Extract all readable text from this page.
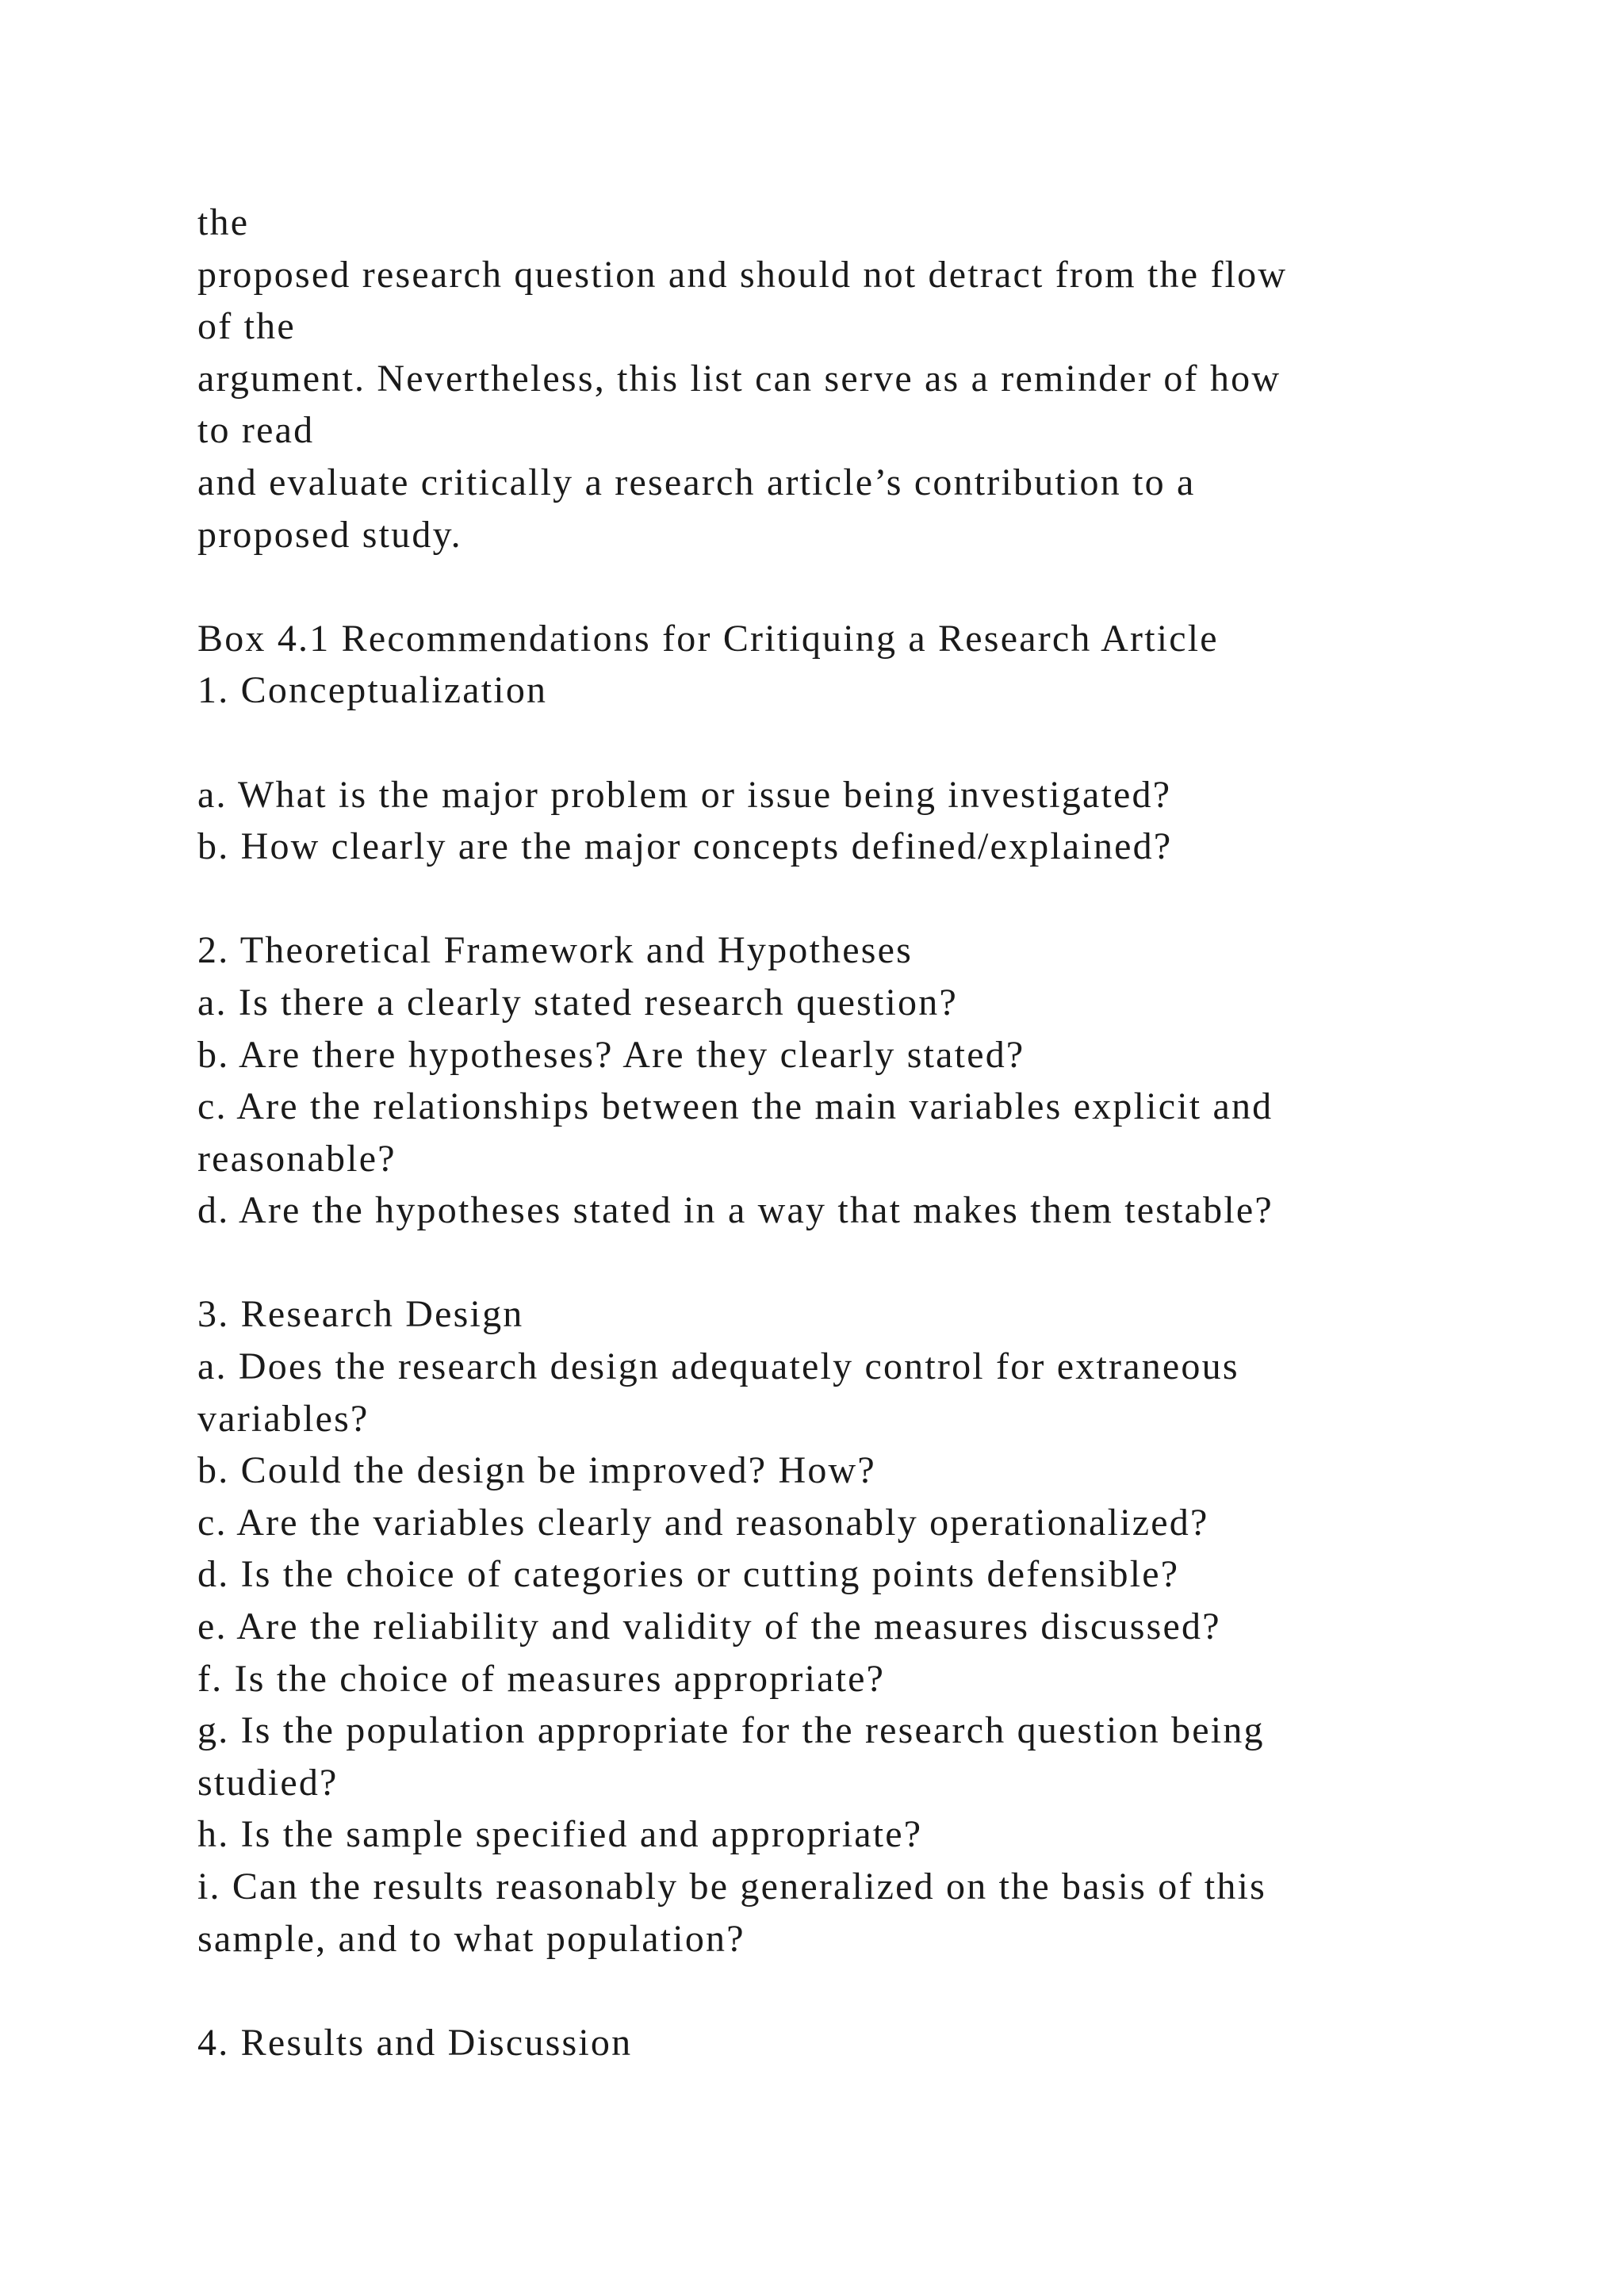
the
proposed research question and should not detract from the flow
of the
argument. Nevertheless, this list can serve as a reminder of how
to read
and evaluate critically a research article’s contribution to a
proposed study.
Box 4.1 Recommendations for Critiquing a Research Article
1. Conceptualization
a. What is the major problem or issue being investigated?
b. How clearly are the major concepts defined/explained?
2. Theoretical Framework and Hypotheses
a. Is there a clearly stated research question?
b. Are there hypotheses? Are they clearly stated?
c. Are the relationships between the main variables explicit and
reasonable?
d. Are the hypotheses stated in a way that makes them testable?
3. Research Design
a. Does the research design adequately control for extraneous
variables?
b. Could the design be improved? How?
c. Are the variables clearly and reasonably operationalized?
d. Is the choice of categories or cutting points defensible?
e. Are the reliability and validity of the measures discussed?
f. Is the choice of measures appropriate?
g. Is the population appropriate for the research question being
studied?
h. Is the sample specified and appropriate?
i. Can the results reasonably be generalized on the basis of this
sample, and to what population?
4. Results and Discussion
